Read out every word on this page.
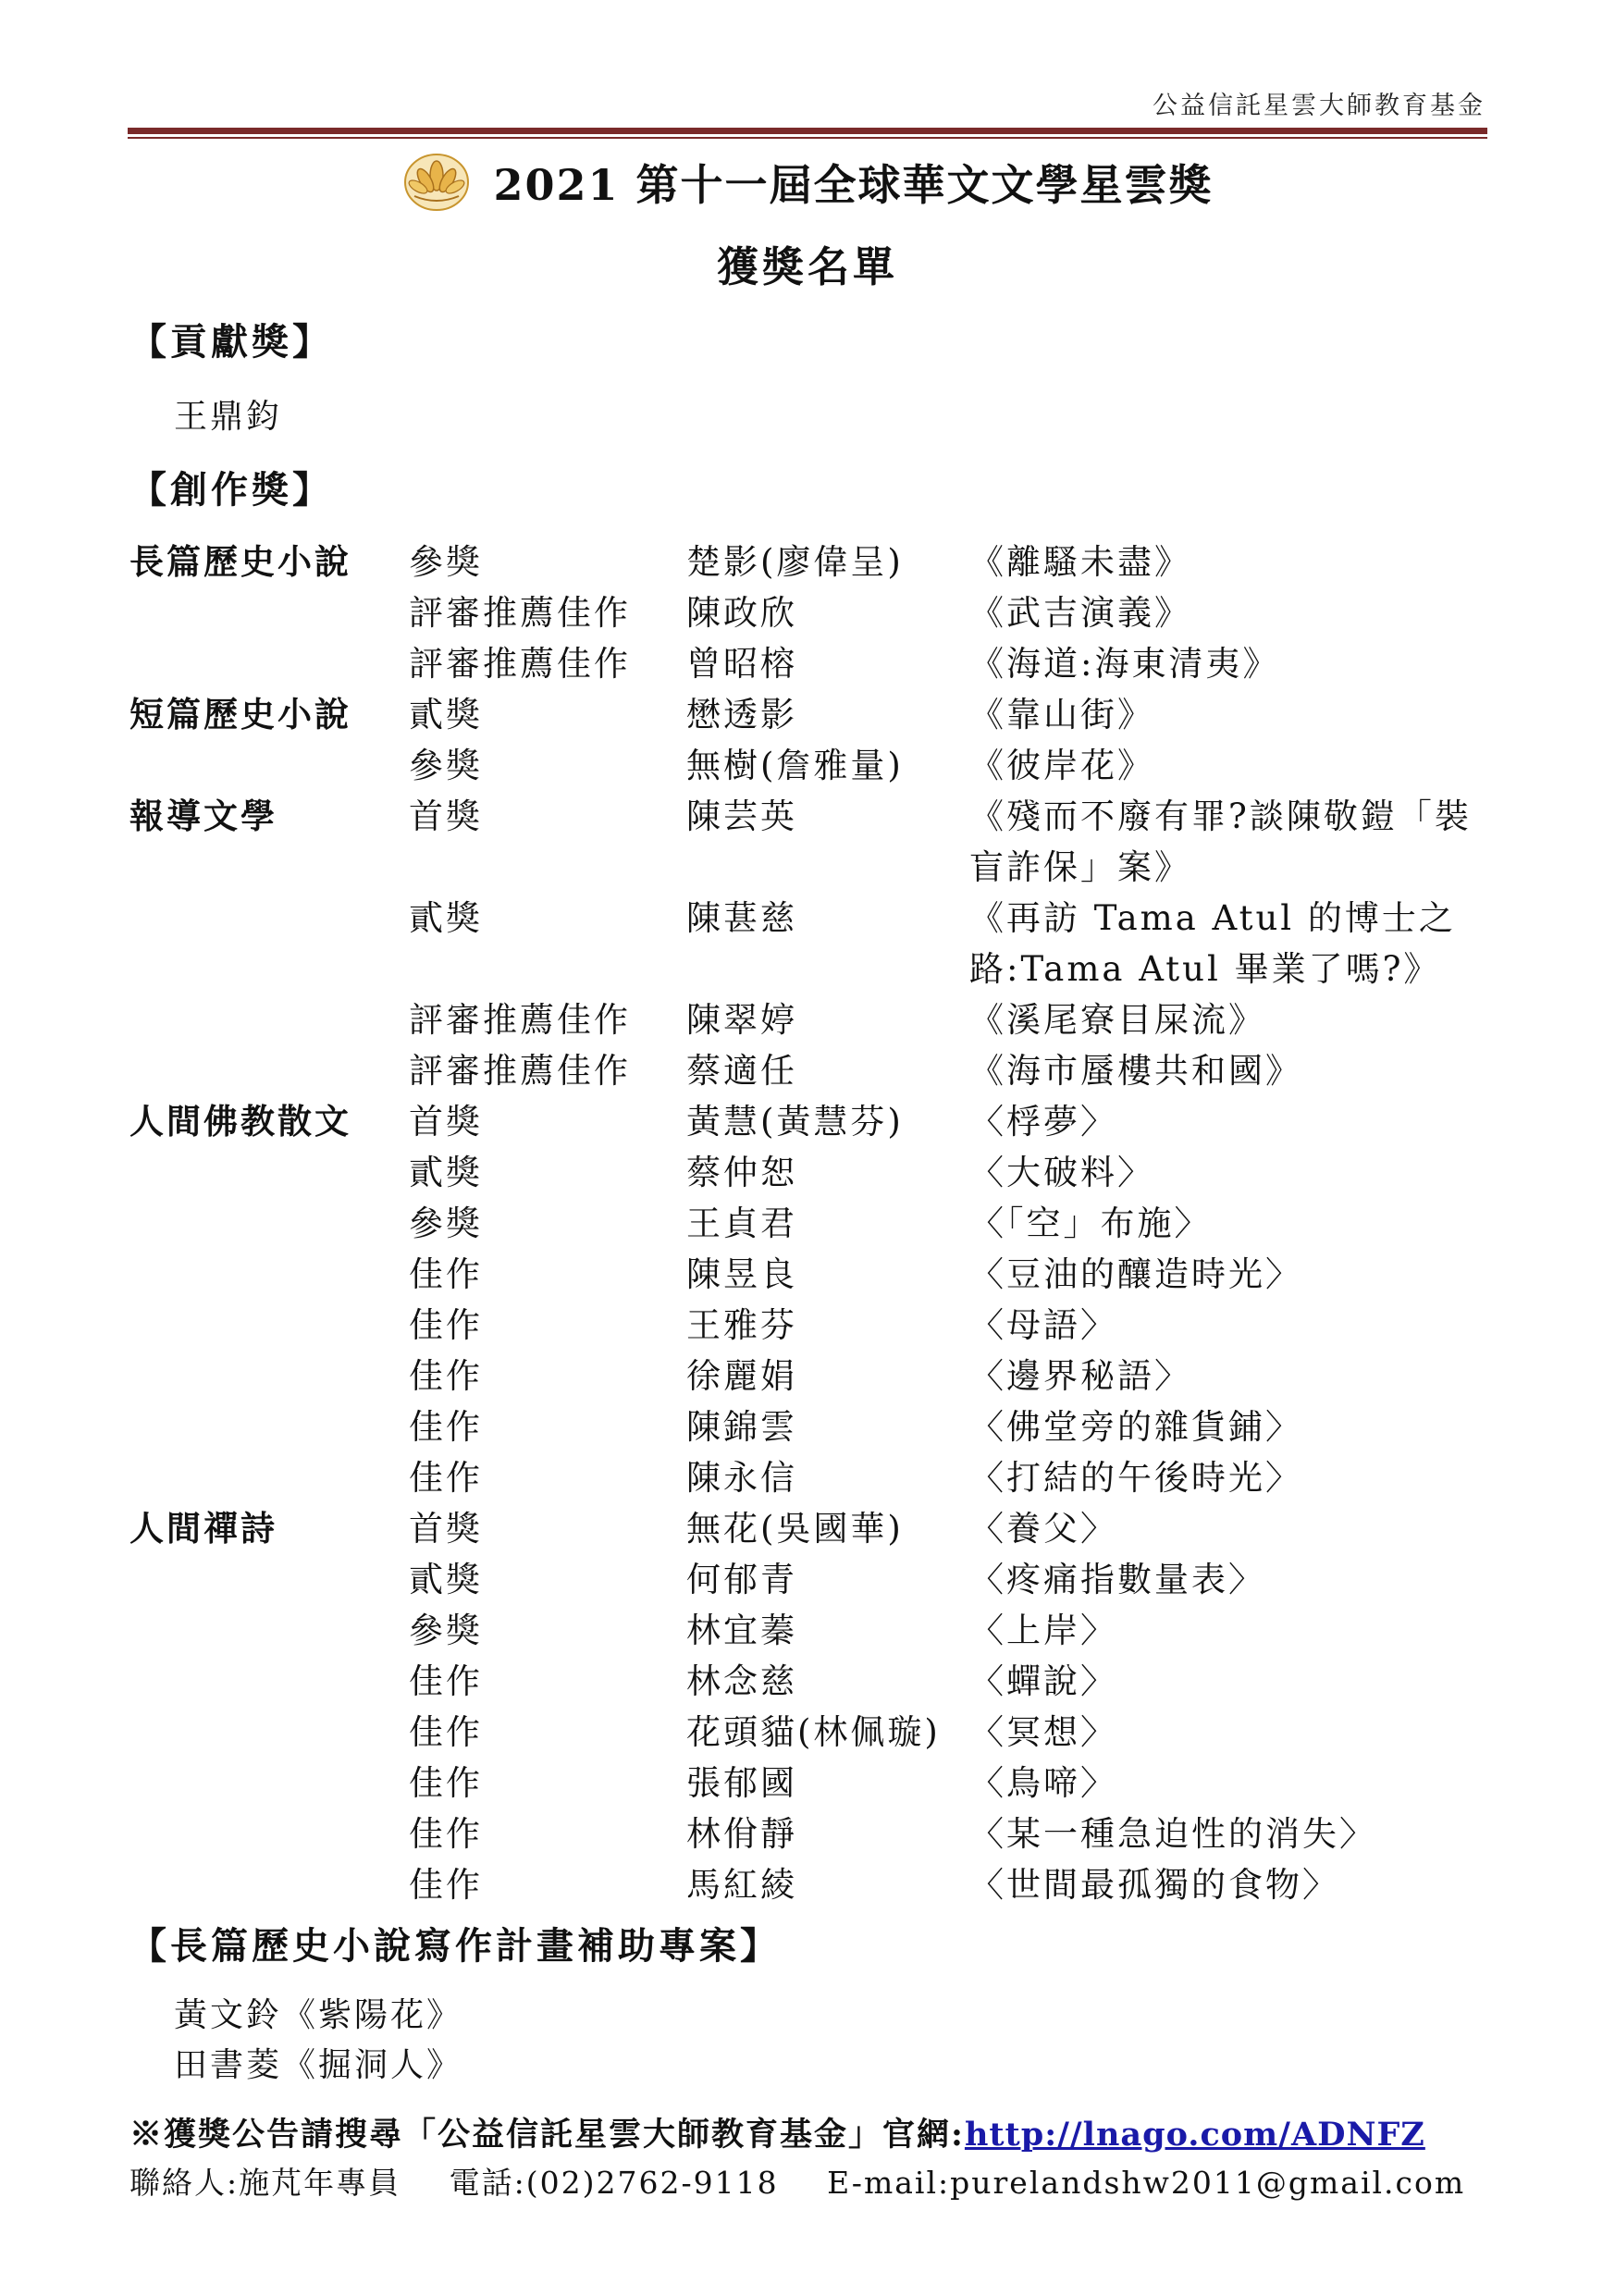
公益信託星雲大師教育基金
2021 第十一屆全球華文文學星雲獎
獲獎名單
【貢獻獎】
王鼎鈞
【創作獎】
長篇歷史小說	參獎	楚影(廖偉呈)	《離騷未盡》
評審推薦佳作	陳政欣	《武吉演義》
評審推薦佳作	曾昭榕	《海道:海東清夷》
短篇歷史小說	貳獎	懋透影	《靠山街》
參獎	無樹(詹雅量)	《彼岸花》
報導文學	首獎	陳芸英	《殘而不廢有罪?談陳敬鎧「裝盲詐保」案》
貳獎	陳葚慈	《再訪 Tama Atul 的博士之路:Tama Atul 畢業了嗎?》
評審推薦佳作	陳翠婷	《溪尾寮目屎流》
評審推薦佳作	蔡適任	《海市蜃樓共和國》
人間佛教散文	首獎	黃慧(黃慧芬)	〈桴夢〉
貳獎	蔡仲恕	〈大破料〉
參獎	王貞君	〈「空」布施〉
佳作	陳昱良	〈豆油的釀造時光〉
佳作	王雅芬	〈母語〉
佳作	徐麗娟	〈邊界秘語〉
佳作	陳錦雲	〈佛堂旁的雜貨鋪〉
佳作	陳永信	〈打結的午後時光〉
人間禪詩	首獎	無花(吳國華)	〈養父〉
貳獎	何郁青	〈疼痛指數量表〉
參獎	林宜蓁	〈上岸〉
佳作	林念慈	〈蟬說〉
佳作	花頭貓(林佩璇) 〈冥想〉
佳作	張郁國	〈鳥啼〉
佳作	林佾靜	〈某一種急迫性的消失〉
佳作	馬紅綾	〈世間最孤獨的食物〉
【長篇歷史小說寫作計畫補助專案】
黃文鈴《紫陽花》
田書菱《掘洞人》
※獲獎公告請搜尋「公益信託星雲大師教育基金」官網:http://lnago.com/ADNFZ
聯絡人:施芃年專員 電話:(02)2762-9118 E-mail:purelandshw2011@gmail.com
